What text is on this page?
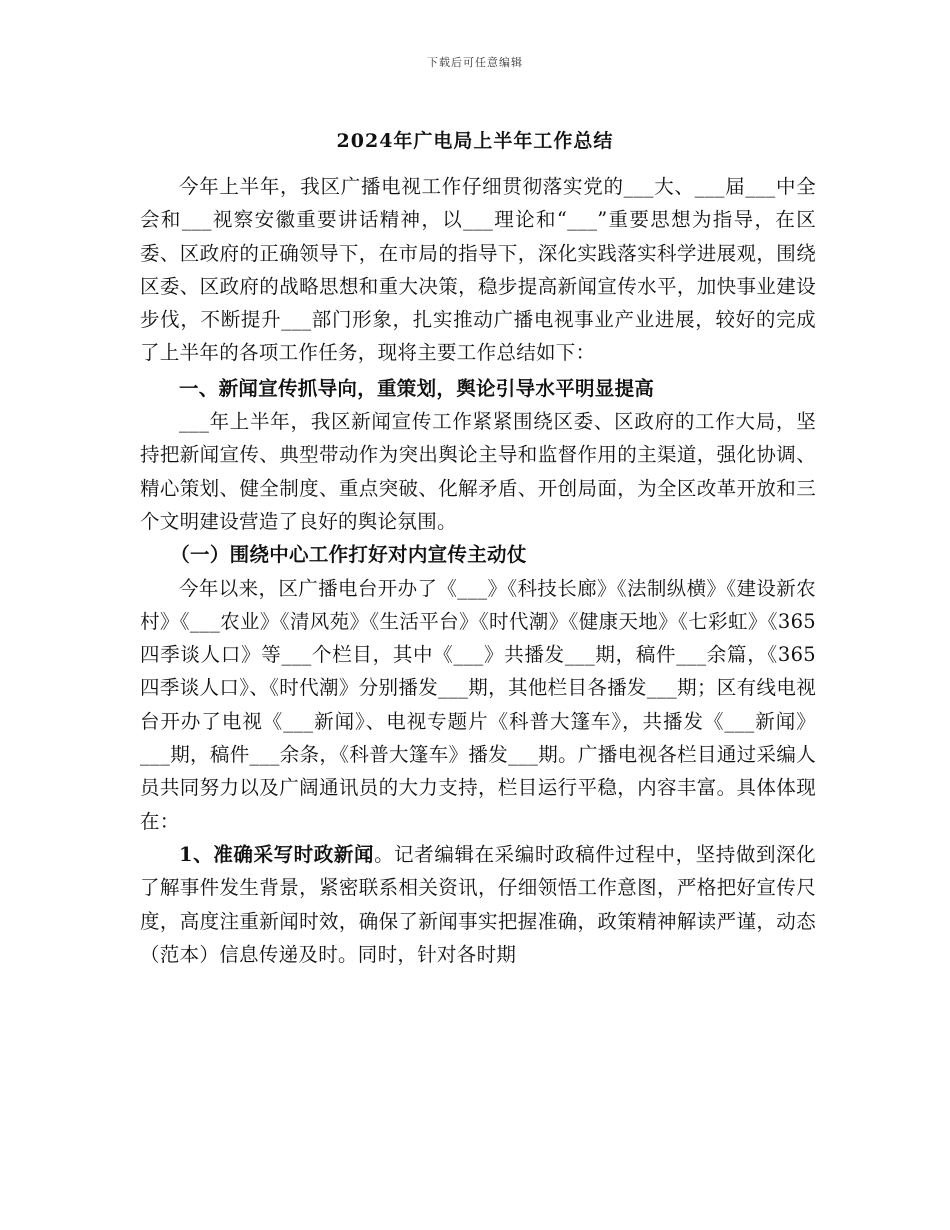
下载后可任意编辑
2024年广电局上半年工作总结

今年上半年，我区广播电视工作仔细贯彻落实党的___大、___届___中全会和___视察安徽重要讲话精神，以___理论和“___”重要思想为指导，在区委、区政府的正确领导下，在市局的指导下，深化实践落实科学进展观，围绕区委、区政府的战略思想和重大决策，稳步提高新闻宣传水平，加快事业建设步伐，不断提升___部门形象，扎实推动广播电视事业产业进展，较好的完成了上半年的各项工作任务，现将主要工作总结如下：

一、新闻宣传抓导向，重策划，舆论引导水平明显提高

___年上半年，我区新闻宣传工作紧紧围绕区委、区政府的工作大局，坚持把新闻宣传、典型带动作为突出舆论主导和监督作用的主渠道，强化协调、精心策划、健全制度、重点突破、化解矛盾、开创局面，为全区改革开放和三个文明建设营造了良好的舆论氛围。

（一）围绕中心工作打好对内宣传主动仗

今年以来，区广播电台开办了《___》《科技长廊》《法制纵横》《建设新农村》《___农业》《清风苑》《生活平台》《时代潮》《健康天地》《七彩虹》《365四季谈人口》等___个栏目，其中《___》共播发___期，稿件___余篇，《365四季谈人口》、《时代潮》分别播发___期，其他栏目各播发___期；区有线电视台开办了电视《___新闻》、电视专题片《科普大篷车》，共播发《___新闻》___期，稿件___余条，《科普大篷车》播发___期。广播电视各栏目通过采编人员共同努力以及广阔通讯员的大力支持，栏目运行平稳，内容丰富。具体体现在：

1、准确采写时政新闻。记者编辑在采编时政稿件过程中，坚持做到深化了解事件发生背景，紧密联系相关资讯，仔细领悟工作意图，严格把好宣传尺度，高度注重新闻时效，确保了新闻事实把握准确，政策精神解读严谨，动态（范本）信息传递及时。同时，针对各时期
